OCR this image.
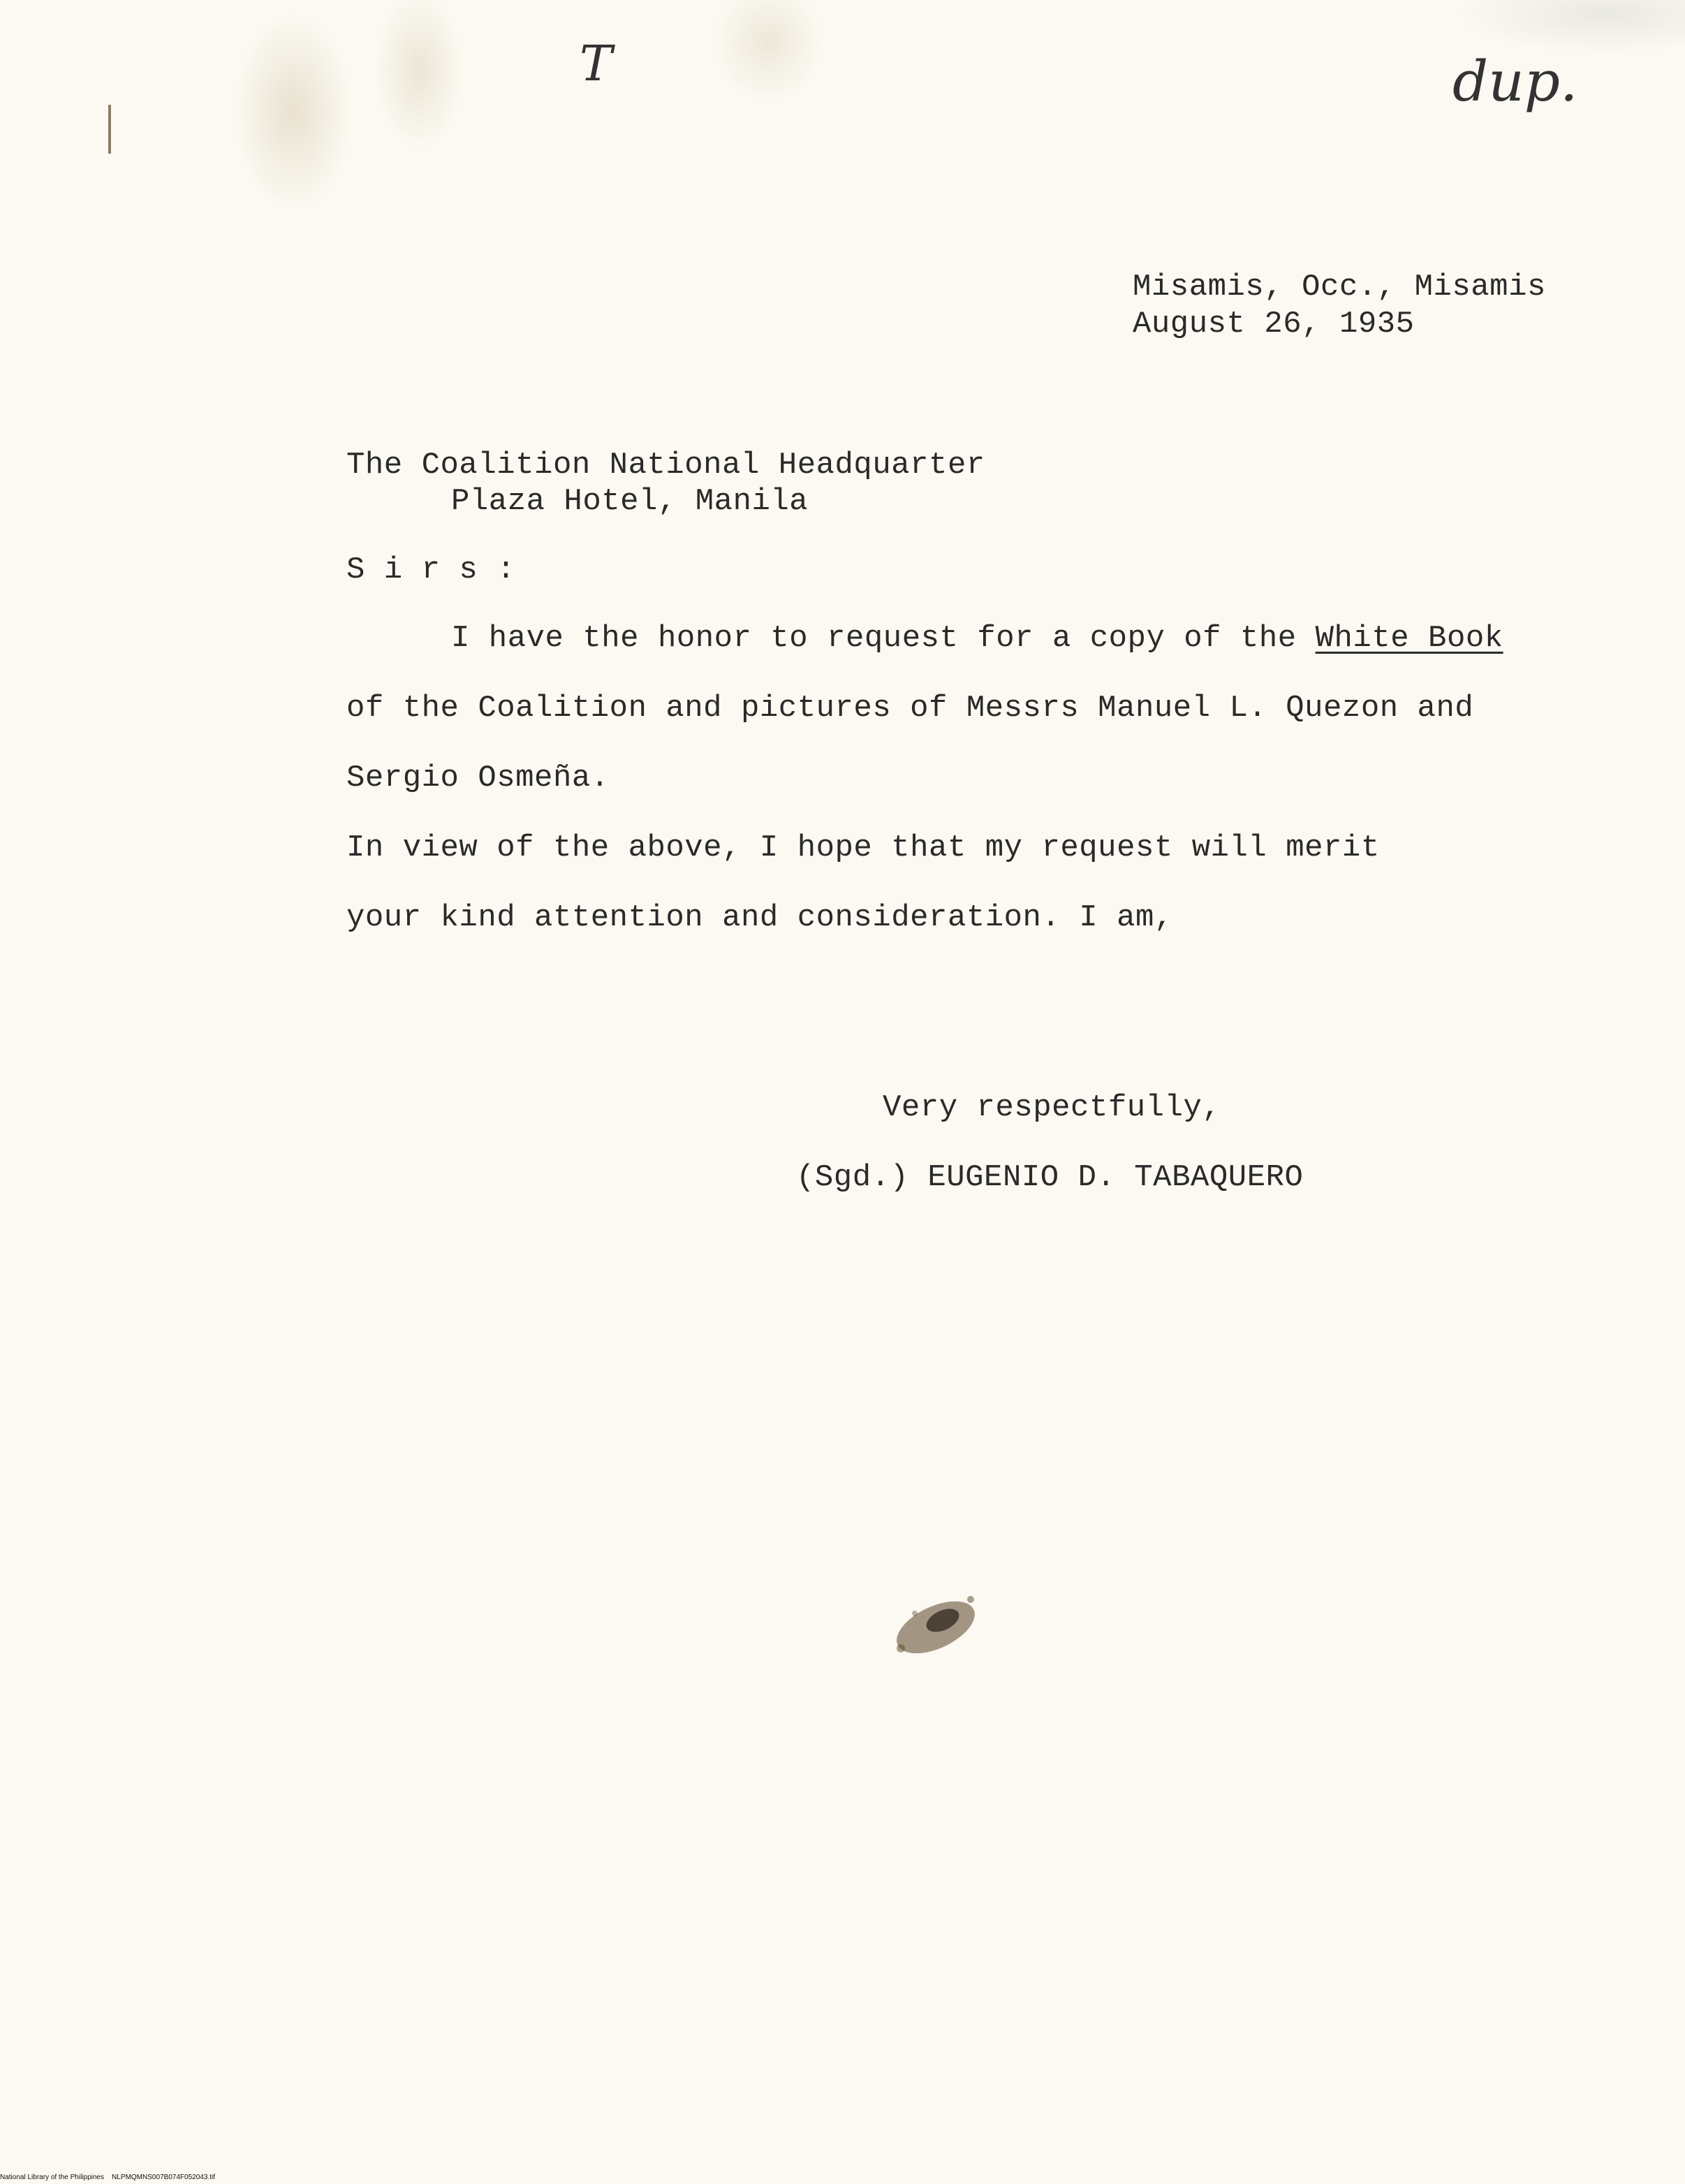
T	dup.
Misamis, Occ., Misamis
August 26, 1935
The Coalition National Headquarter
Plaza Hotel, Manila
S i r s :
I have the honor to request for a copy of the White Book
of the Coalition and pictures of Messrs Manuel L. Quezon and
Sergio Osmeña.
In view of the above, I hope that my request will merit
your kind attention and consideration. I am,
Very respectfully,
(Sgd.) EUGENIO D. TABAQUERO
National Library of the Philippines NLPMQMNS007B074F052043.tif
